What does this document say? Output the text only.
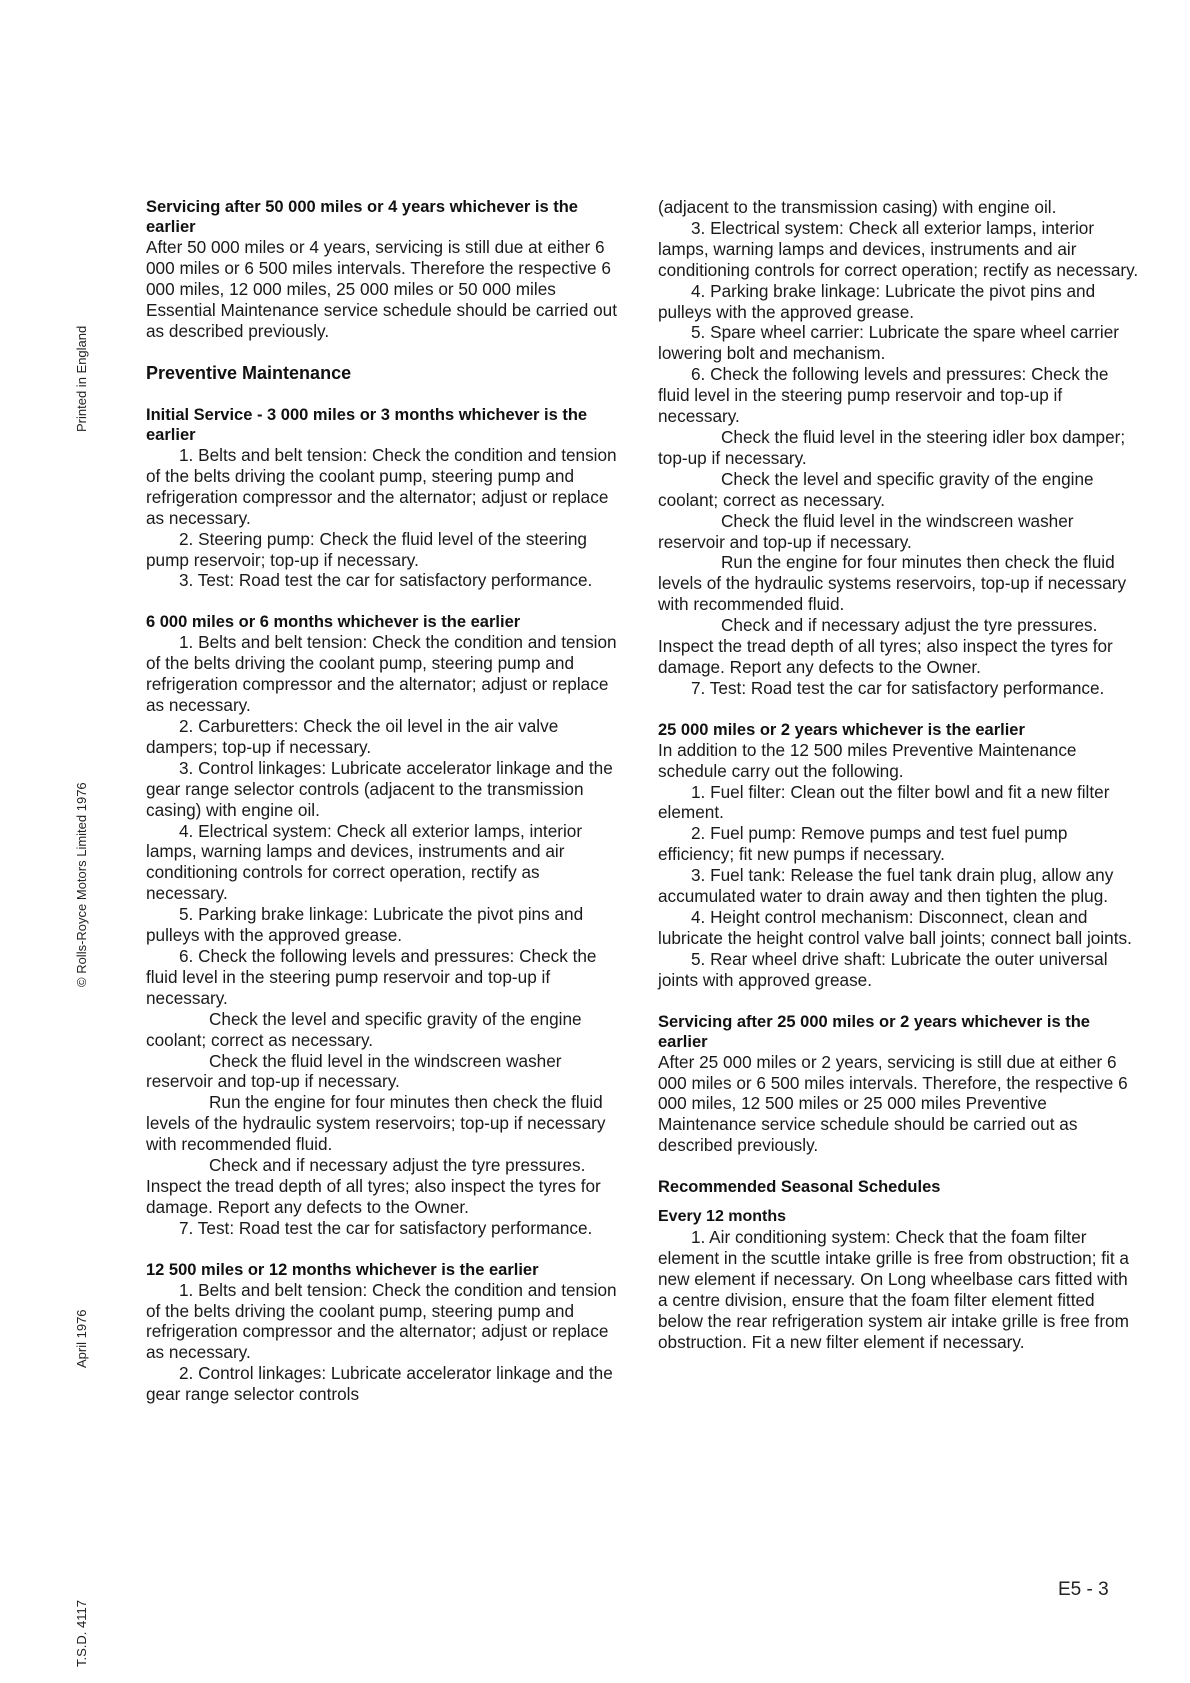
Printed in England
© Rolls-Royce Motors Limited 1976
April 1976
T.S.D. 4117
Servicing after 50 000 miles or 4 years whichever is the earlier

After 50 000 miles or 4 years, servicing is still due at either 6 000 miles or 6 500 miles intervals. Therefore the respective 6 000 miles, 12 000 miles, 25 000 miles or 50 000 miles Essential Maintenance service schedule should be carried out as described previously.

Preventive Maintenance
Initial Service - 3 000 miles or 3 months whichever is the earlier

1. Belts and belt tension: Check the condition and tension of the belts driving the coolant pump, steering pump and refrigeration compressor and the alternator; adjust or replace as necessary.

2. Steering pump: Check the fluid level of the steering pump reservoir; top-up if necessary.

3. Test: Road test the car for satisfactory performance.

6 000 miles or 6 months whichever is the earlier

1. Belts and belt tension: Check the condition and tension of the belts driving the coolant pump, steering pump and refrigeration compressor and the alternator; adjust or replace as necessary.

2. Carburetters: Check the oil level in the air valve dampers; top-up if necessary.

3. Control linkages: Lubricate accelerator linkage and the gear range selector controls (adjacent to the transmission casing) with engine oil.

4. Electrical system: Check all exterior lamps, interior lamps, warning lamps and devices, instruments and air conditioning controls for correct operation, rectify as necessary.

5. Parking brake linkage: Lubricate the pivot pins and pulleys with the approved grease.

6. Check the following levels and pressures: Check the fluid level in the steering pump reservoir and top-up if necessary.

Check the level and specific gravity of the engine coolant; correct as necessary.

Check the fluid level in the windscreen washer reservoir and top-up if necessary.

Run the engine for four minutes then check the fluid levels of the hydraulic system reservoirs; top-up if necessary with recommended fluid.

Check and if necessary adjust the tyre pressures. Inspect the tread depth of all tyres; also inspect the tyres for damage. Report any defects to the Owner.

7. Test: Road test the car for satisfactory performance.

12 500 miles or 12 months whichever is the earlier

1. Belts and belt tension: Check the condition and tension of the belts driving the coolant pump, steering pump and refrigeration compressor and the alternator; adjust or replace as necessary.

2. Control linkages: Lubricate accelerator linkage and the gear range selector controls

(adjacent to the transmission casing) with engine oil.

3. Electrical system: Check all exterior lamps, interior lamps, warning lamps and devices, instruments and air conditioning controls for correct operation; rectify as necessary.

4. Parking brake linkage: Lubricate the pivot pins and pulleys with the approved grease.

5. Spare wheel carrier: Lubricate the spare wheel carrier lowering bolt and mechanism.

6. Check the following levels and pressures: Check the fluid level in the steering pump reservoir and top-up if necessary.

Check the fluid level in the steering idler box damper; top-up if necessary.

Check the level and specific gravity of the engine coolant; correct as necessary.

Check the fluid level in the windscreen washer reservoir and top-up if necessary.

Run the engine for four minutes then check the fluid levels of the hydraulic systems reservoirs, top-up if necessary with recommended fluid.

Check and if necessary adjust the tyre pressures. Inspect the tread depth of all tyres; also inspect the tyres for damage. Report any defects to the Owner.

7. Test: Road test the car for satisfactory performance.

25 000 miles or 2 years whichever is the earlier

In addition to the 12 500 miles Preventive Maintenance schedule carry out the following.

1. Fuel filter: Clean out the filter bowl and fit a new filter element.

2. Fuel pump: Remove pumps and test fuel pump efficiency; fit new pumps if necessary.

3. Fuel tank: Release the fuel tank drain plug, allow any accumulated water to drain away and then tighten the plug.

4. Height control mechanism: Disconnect, clean and lubricate the height control valve ball joints; connect ball joints.

5. Rear wheel drive shaft: Lubricate the outer universal joints with approved grease.

Servicing after 25 000 miles or 2 years whichever is the earlier

After 25 000 miles or 2 years, servicing is still due at either 6 000 miles or 6 500 miles intervals. Therefore, the respective 6 000 miles, 12 500 miles or 25 000 miles Preventive Maintenance service schedule should be carried out as described previously.

Recommended Seasonal Schedules
Every 12 months

1. Air conditioning system: Check that the foam filter element in the scuttle intake grille is free from obstruction; fit a new element if necessary. On Long wheelbase cars fitted with a centre division, ensure that the foam filter element fitted below the rear refrigeration system air intake grille is free from obstruction. Fit a new filter element if necessary.

E5 - 3
